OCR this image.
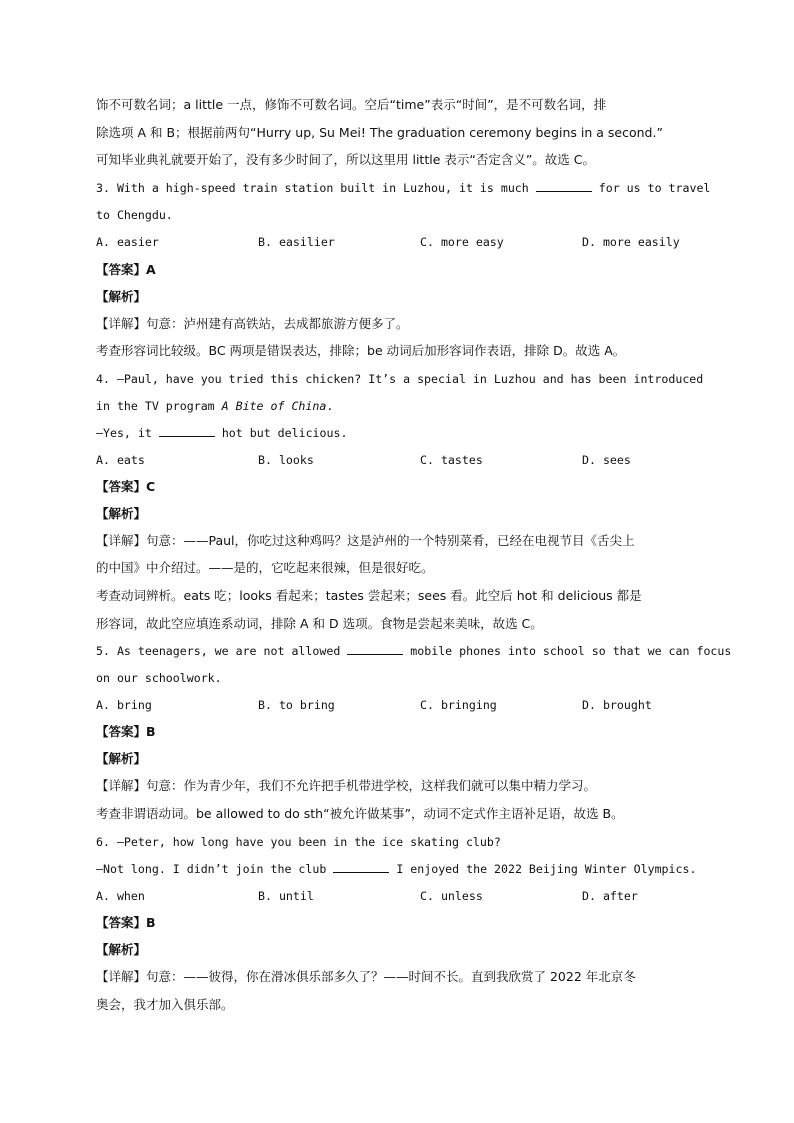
饰不可数名词；a little 一点，修饰不可数名词。空后“time”表示“时间”，是不可数名词，排
除选项 A 和 B；根据前两句“Hurry up, Su Mei! The graduation ceremony begins in a second.”
可知毕业典礼就要开始了，没有多少时间了，所以这里用 little 表示“否定含义”。故选 C。
3. With a high-speed train station built in Luzhou, it is much	for us to travel
to Chengdu.
A. easier	B. easilier	C. more easy	D. more easily
【答案】A
【解析】
【详解】句意：泸州建有高铁站，去成都旅游方便多了。
考查形容词比较级。BC 两项是错误表达，排除；be 动词后加形容词作表语，排除 D。故选 A。
4. —Paul, have you tried this chicken? It’s a special in Luzhou and has been introduced
in the TV program A Bite of China.
—Yes, it	hot but delicious.
A. eats	B. looks	C. tastes	D. sees
【答案】C
【解析】
【详解】句意：——Paul，你吃过这种鸡吗？这是泸州的一个特别菜肴，已经在电视节目《舌尖上
的中国》中介绍过。——是的，它吃起来很辣，但是很好吃。
考查动词辨析。eats 吃；looks 看起来；tastes 尝起来；sees 看。此空后 hot 和 delicious 都是
形容词，故此空应填连系动词，排除 A 和 D 选项。食物是尝起来美味，故选 C。
5. As teenagers, we are not allowed	mobile phones into school so that we can focus
on our schoolwork.
A. bring	B. to bring	C. bringing	D. brought
【答案】B
【解析】
【详解】句意：作为青少年，我们不允许把手机带进学校，这样我们就可以集中精力学习。
考查非谓语动词。be allowed to do sth“被允许做某事”，动词不定式作主语补足语，故选 B。
6. —Peter, how long have you been in the ice skating club?
—Not long. I didn’t join the club	I enjoyed the 2022 Beijing Winter Olympics.
A. when	B. until	C. unless	D. after
【答案】B
【解析】
【详解】句意：——彼得，你在滑冰俱乐部多久了？——时间不长。直到我欣赏了 2022 年北京冬
奥会，我才加入俱乐部。
